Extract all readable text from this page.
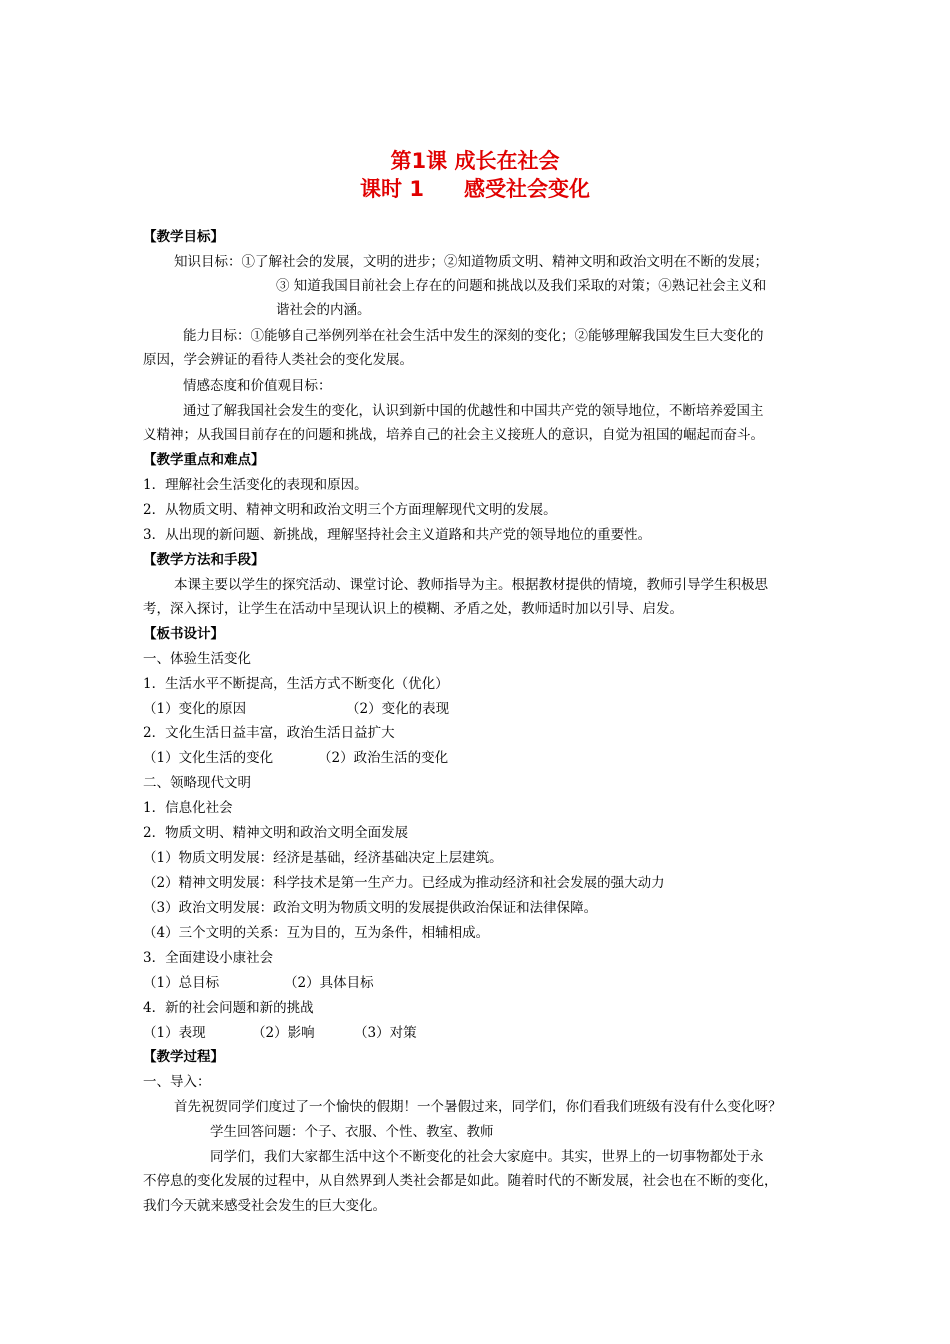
第1课 成长在社会
课时 1 感受社会变化
【教学目标】
知识目标：①了解社会的发展，文明的进步；②知道物质文明、精神文明和政治文明在不断的发展；
③ 知道我国目前社会上存在的问题和挑战以及我们采取的对策；④熟记社会主义和
谐社会的内涵。
能力目标：①能够自己举例列举在社会生活中发生的深刻的变化；②能够理解我国发生巨大变化的
原因，学会辨证的看待人类社会的变化发展。
情感态度和价值观目标：
通过了解我国社会发生的变化，认识到新中国的优越性和中国共产党的领导地位，不断培养爱国主
义精神；从我国目前存在的问题和挑战，培养自己的社会主义接班人的意识，自觉为祖国的崛起而奋斗。
【教学重点和难点】
1．理解社会生活变化的表现和原因。
2．从物质文明、精神文明和政治文明三个方面理解现代文明的发展。
3．从出现的新问题、新挑战，理解坚持社会主义道路和共产党的领导地位的重要性。
【教学方法和手段】
本课主要以学生的探究活动、课堂讨论、教师指导为主。根据教材提供的情境，教师引导学生积极思
考，深入探讨，让学生在活动中呈现认识上的模糊、矛盾之处，教师适时加以引导、启发。
【板书设计】
一、体验生活变化
1．生活水平不断提高，生活方式不断变化（优化）
（1）变化的原因	（2）变化的表现
2．文化生活日益丰富，政治生活日益扩大
（1）文化生活的变化	（2）政治生活的变化
二、领略现代文明
1．信息化社会
2．物质文明、精神文明和政治文明全面发展
（1）物质文明发展：经济是基础，经济基础决定上层建筑。
（2）精神文明发展：科学技术是第一生产力。已经成为推动经济和社会发展的强大动力
（3）政治文明发展：政治文明为物质文明的发展提供政治保证和法律保障。
（4）三个文明的关系：互为目的，互为条件，相辅相成。
3．全面建设小康社会
（1）总目标	（2）具体目标
4．新的社会问题和新的挑战
（1）表现	（2）影响	（3）对策
【教学过程】
一、导入：
首先祝贺同学们度过了一个愉快的假期！一个暑假过来，同学们，你们看我们班级有没有什么变化呀？
学生回答问题：个子、衣服、个性、教室、教师
同学们，我们大家都生活中这个不断变化的社会大家庭中。其实，世界上的一切事物都处于永
不停息的变化发展的过程中，从自然界到人类社会都是如此。随着时代的不断发展，社会也在不断的变化，
我们今天就来感受社会发生的巨大变化。
